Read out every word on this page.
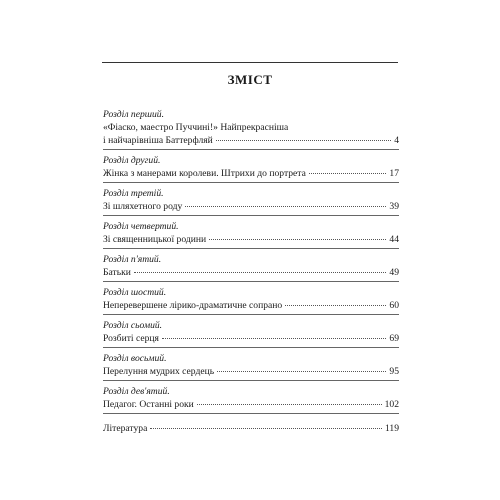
ЗМІСТ
Розділ перший.
«Фіаско, маестро Пуччині!» Найпрекрасніша
і найчарівніша Баттерфляй	4
Розділ другий.
Жінка з манерами королеви. Штрихи до портрета	17
Розділ третій.
Зі шляхетного роду	39
Розділ четвертий.
Зі священницької родини	44
Розділ п'ятий.
Батьки	49
Розділ шостий.
Неперевершене лірико-драматичне сопрано	60
Розділ сьомий.
Розбиті серця	69
Розділ восьмий.
Перелуння мудрих сердець	95
Розділ дев'ятий.
Педагог. Останні роки	102
Література	119
